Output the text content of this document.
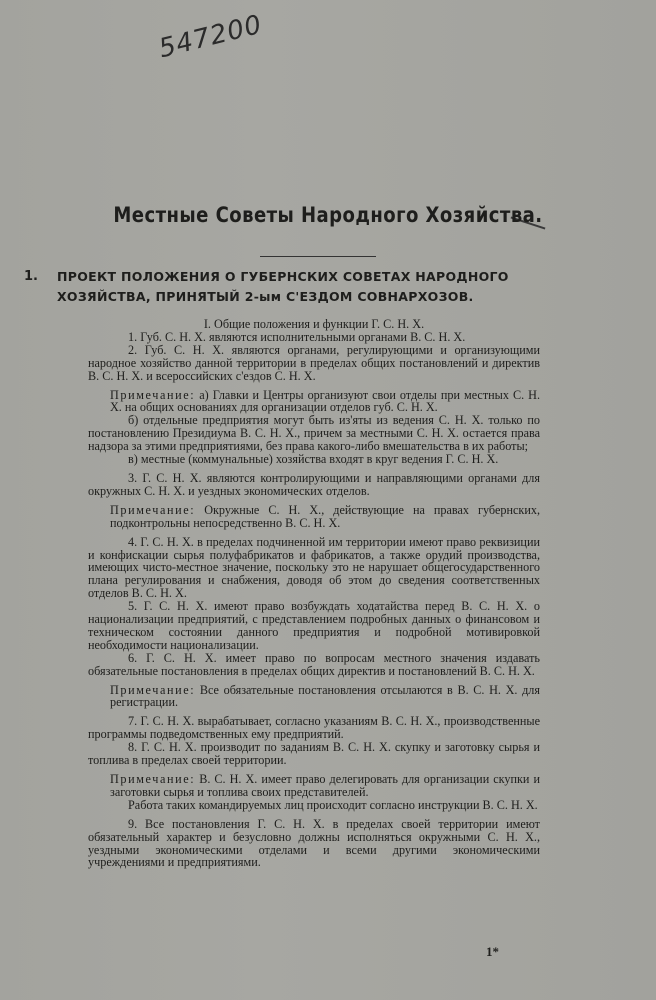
547200
Местные Советы Народного Хозяйства.
1. ПРОЕКТ ПОЛОЖЕНИЯ О ГУБЕРНСКИХ СОВЕТАХ НАРОДНОГО ХОЗЯЙСТВА, ПРИНЯТЫЙ 2-ым С'ЕЗДОМ СОВНАРХОЗОВ.

I. Общие положения и функции Г. С. Н. Х.

1. Губ. С. Н. Х. являются исполнительными органами В. С. Н. Х.

2. Губ. С. Н. Х. являются органами, регулирующими и организующими народное хозяйство данной территории в пределах общих постановлений и директив В. С. Н. Х. и всероссийских с'ездов С. Н. Х.

Примечание: а) Главки и Центры организуют свои отделы при местных С. Н. Х. на общих основаниях для организации отделов губ. С. Н. Х.

б) отдельные предприятия могут быть из'яты из ведения С. Н. Х. только по постановлению Президиума В. С. Н. Х., причем за местными С. Н. Х. остается права надзора за этими предприятиями, без права какого-либо вмешательства в их работы;

в) местные (коммунальные) хозяйства входят в круг ведения Г. С. Н. Х.

3. Г. С. Н. Х. являются контролирующими и направляющими органами для окружных С. Н. Х. и уездных экономических отделов.

Примечание: Окружные С. Н. Х., действующие на правах губернских, подконтрольны непосредственно В. С. Н. Х.

4. Г. С. Н. Х. в пределах подчиненной им территории имеют право реквизиции и конфискации сырья полуфабрикатов и фабрикатов, а также орудий производства, имеющих чисто-местное значение, поскольку это не нарушает общегосударственного плана регулирования и снабжения, доводя об этом до сведения соответственных отделов В. С. Н. Х.

5. Г. С. Н. Х. имеют право возбуждать ходатайства перед В. С. Н. Х. о национализации предприятий, с представлением подробных данных о финансовом и техническом состоянии данного предприятия и подробной мотивировкой необходимости национализации.

6. Г. С. Н. Х. имеет право по вопросам местного значения издавать обязательные постановления в пределах общих директив и постановлений В. С. Н. Х.

Примечание: Все обязательные постановления отсылаются в В. С. Н. Х. для регистрации.

7. Г. С. Н. Х. вырабатывает, согласно указаниям В. С. Н. Х., производственные программы подведомственных ему предприятий.

8. Г. С. Н. Х. производит по заданиям В. С. Н. Х. скупку и заготовку сырья и топлива в пределах своей территории.

Примечание: В. С. Н. Х. имеет право делегировать для организации скупки и заготовки сырья и топлива своих представителей.

Работа таких командируемых лиц происходит согласно инструкции В. С. Н. Х.

9. Все постановления Г. С. Н. Х. в пределах своей территории имеют обязательный характер и безусловно должны исполняться окружными С. Н. Х., уездными экономическими отделами и всеми другими экономическими учреждениями и предприятиями.

1*
